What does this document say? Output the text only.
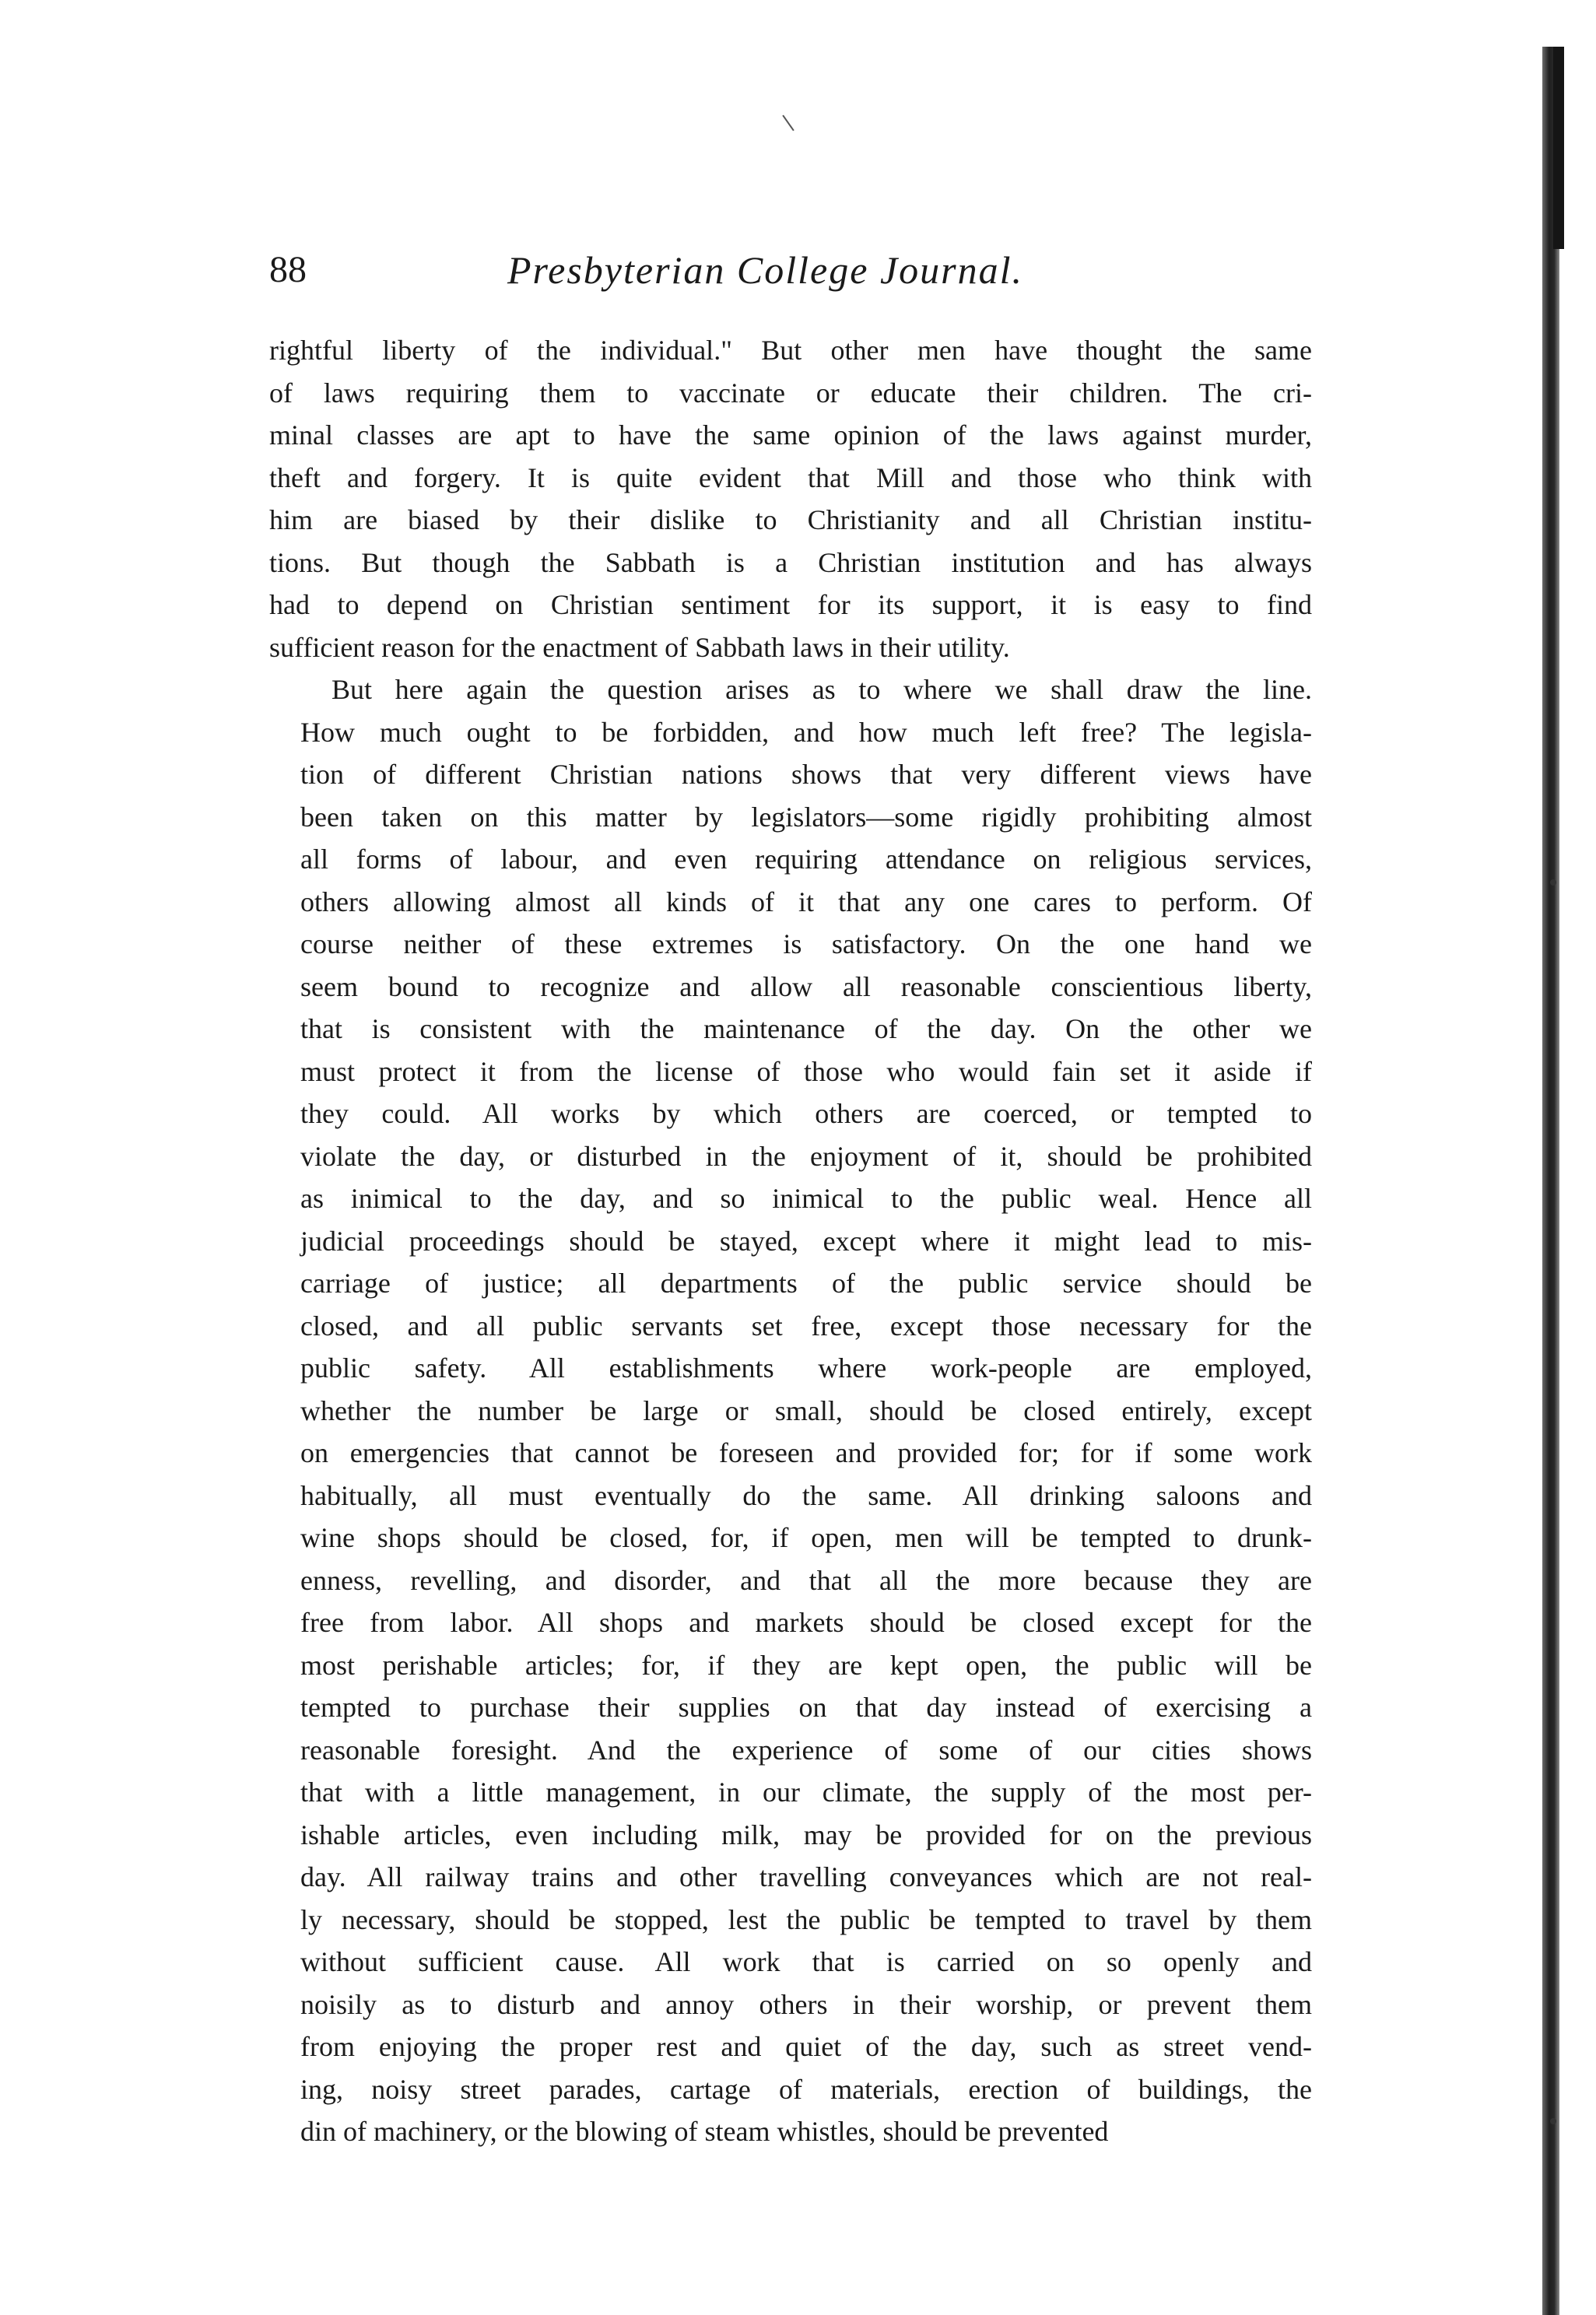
88	Presbyterian College Journal.

rightful liberty of the individual." But other men have thought the same
of laws requiring them to vaccinate or educate their children. The cri-
minal classes are apt to have the same opinion of the laws against murder,
theft and forgery. It is quite evident that Mill and those who think with
him are biased by their dislike to Christianity and all Christian institu-
tions. But though the Sabbath is a Christian institution and has always
had to depend on Christian sentiment for its support, it is easy to find
sufficient reason for the enactment of Sabbath laws in their utility.

But here again the question arises as to where we shall draw the line.
How much ought to be forbidden, and how much left free? The legisla-
tion of different Christian nations shows that very different views have
been taken on this matter by legislators—some rigidly prohibiting almost
all forms of labour, and even requiring attendance on religious services,
others allowing almost all kinds of it that any one cares to perform. Of
course neither of these extremes is satisfactory. On the one hand we
seem bound to recognize and allow all reasonable conscientious liberty,
that is consistent with the maintenance of the day. On the other we
must protect it from the license of those who would fain set it aside if
they could. All works by which others are coerced, or tempted to
violate the day, or disturbed in the enjoyment of it, should be prohibited
as inimical to the day, and so inimical to the public weal. Hence all
judicial proceedings should be stayed, except where it might lead to mis-
carriage of justice; all departments of the public service should be
closed, and all public servants set free, except those necessary for the
public safety. All establishments where work-people are employed,
whether the number be large or small, should be closed entirely, except
on emergencies that cannot be foreseen and provided for; for if some work
habitually, all must eventually do the same. All drinking saloons and
wine shops should be closed, for, if open, men will be tempted to drunk-
enness, revelling, and disorder, and that all the more because they are
free from labor. All shops and markets should be closed except for the
most perishable articles; for, if they are kept open, the public will be
tempted to purchase their supplies on that day instead of exercising a
reasonable foresight. And the experience of some of our cities shows
that with a little management, in our climate, the supply of the most per-
ishable articles, even including milk, may be provided for on the previous
day. All railway trains and other travelling conveyances which are not real-
ly necessary, should be stopped, lest the public be tempted to travel by them
without sufficient cause. All work that is carried on so openly and
noisily as to disturb and annoy others in their worship, or prevent them
from enjoying the proper rest and quiet of the day, such as street vend-
ing, noisy street parades, cartage of materials, erection of buildings, the
din of machinery, or the blowing of steam whistles, should be prevented
